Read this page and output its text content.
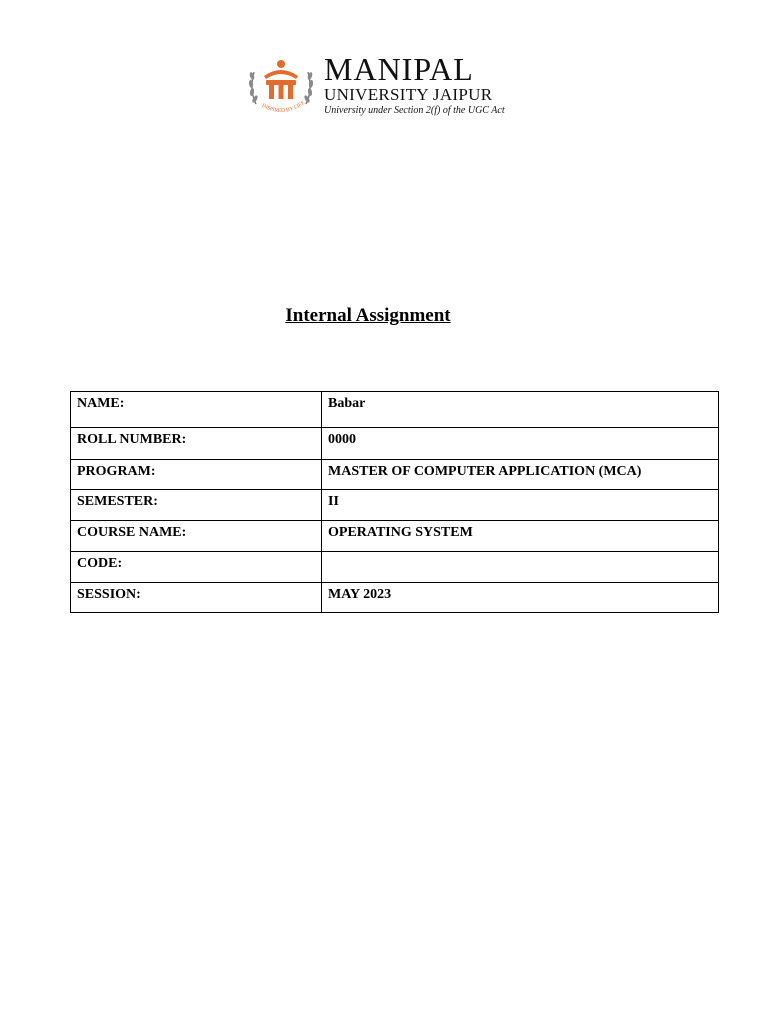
INSPIRED BY LIFE
MANIPAL
UNIVERSITY JAIPUR
University under Section 2(f) of the UGC Act
Internal Assignment
NAME:	Babar
ROLL NUMBER:	0000
PROGRAM:	MASTER OF COMPUTER APPLICATION (MCA)
SEMESTER:	II
COURSE NAME:	OPERATING SYSTEM
CODE:	
SESSION:	MAY 2023
